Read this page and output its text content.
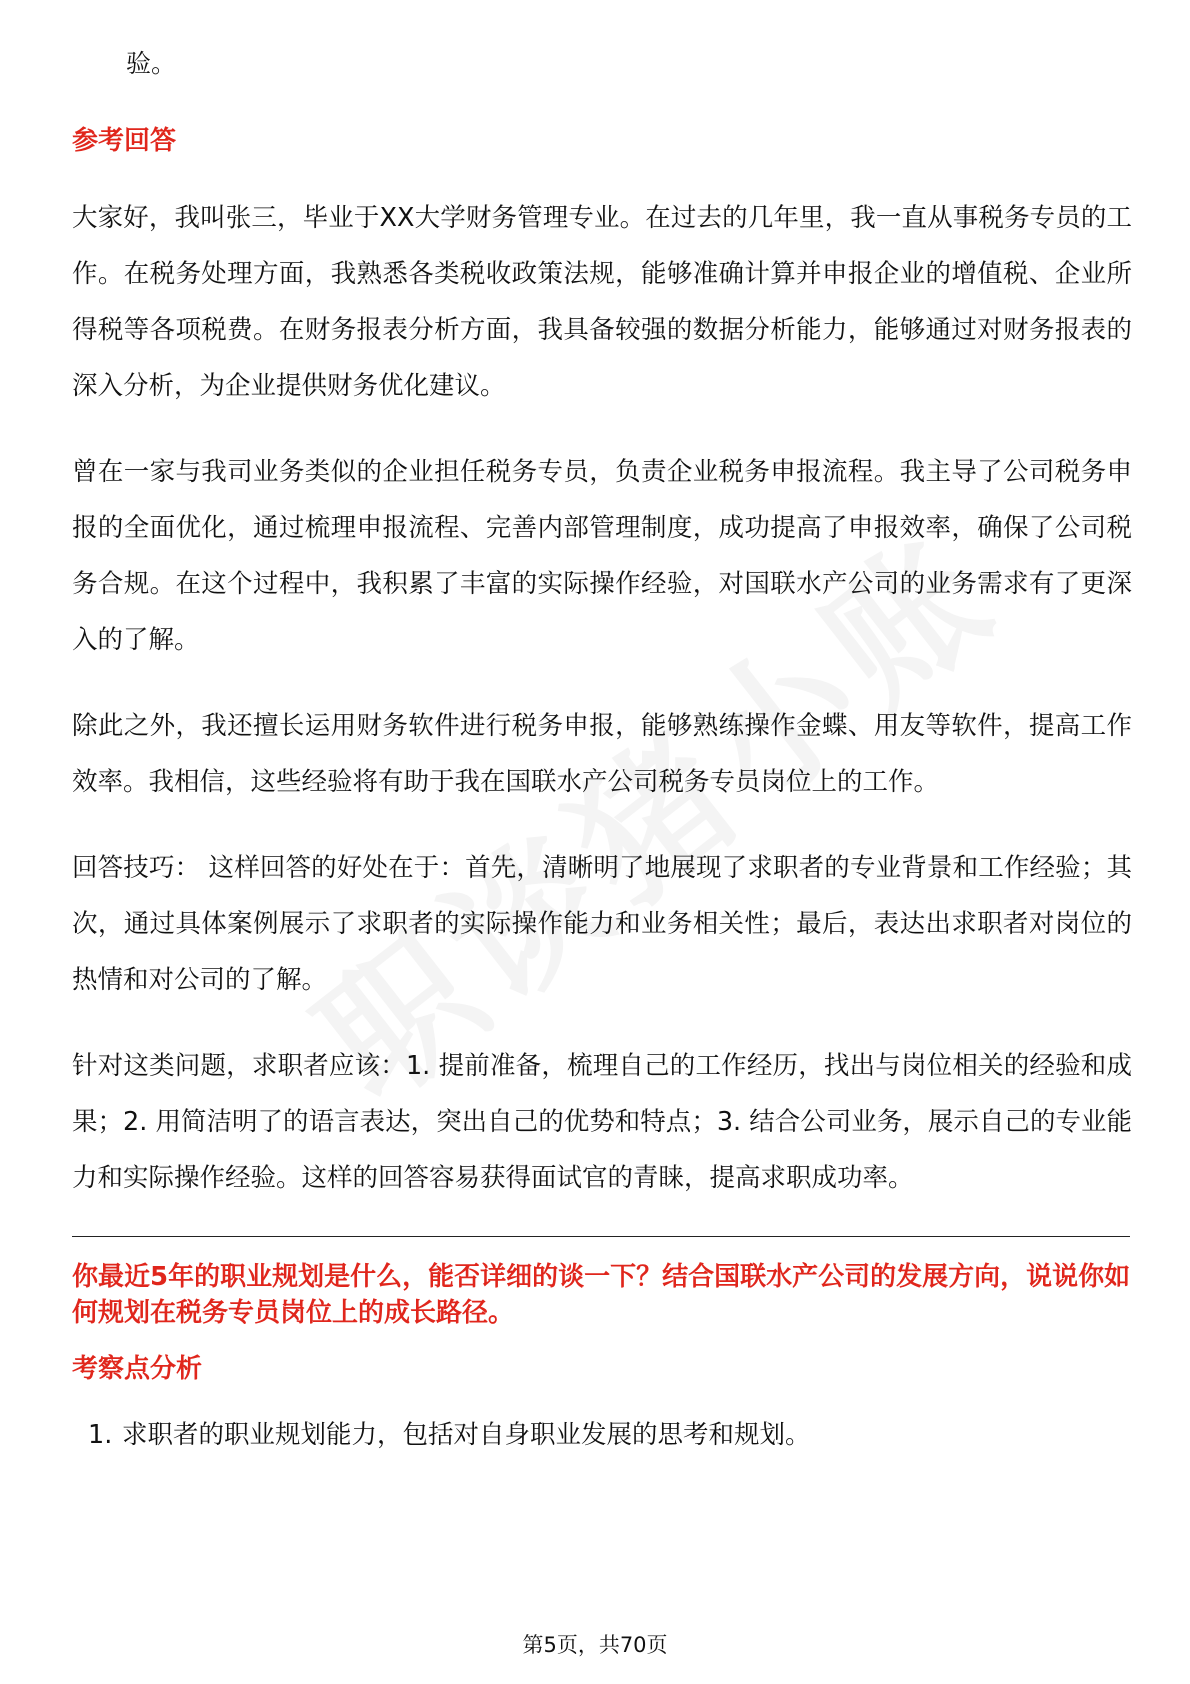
验。

参考回答

大家好，我叫张三，毕业于XX大学财务管理专业。在过去的几年里，我一直从事税务专员的工作。在税务处理方面，我熟悉各类税收政策法规，能够准确计算并申报企业的增值税、企业所得税等各项税费。在财务报表分析方面，我具备较强的数据分析能力，能够通过对财务报表的深入分析，为企业提供财务优化建议。

曾在一家与我司业务类似的企业担任税务专员，负责企业税务申报流程。我主导了公司税务申报的全面优化，通过梳理申报流程、完善内部管理制度，成功提高了申报效率，确保了公司税务合规。在这个过程中，我积累了丰富的实际操作经验，对国联水产公司的业务需求有了更深入的了解。

除此之外，我还擅长运用财务软件进行税务申报，能够熟练操作金蝶、用友等软件，提高工作效率。我相信，这些经验将有助于我在国联水产公司税务专员岗位上的工作。

回答技巧： 这样回答的好处在于：首先，清晰明了地展现了求职者的专业背景和工作经验；其次，通过具体案例展示了求职者的实际操作能力和业务相关性；最后，表达出求职者对岗位的热情和对公司的了解。

针对这类问题，求职者应该：1. 提前准备，梳理自己的工作经历，找出与岗位相关的经验和成果；2. 用简洁明了的语言表达，突出自己的优势和特点；3. 结合公司业务，展示自己的专业能力和实际操作经验。这样的回答容易获得面试官的青睐，提高求职成功率。

你最近5年的职业规划是什么，能否详细的谈一下？结合国联水产公司的发展方向，说说你如何规划在税务专员岗位上的成长路径。
考察点分析
1. 求职者的职业规划能力，包括对自身职业发展的思考和规划。
第5页，共70页
